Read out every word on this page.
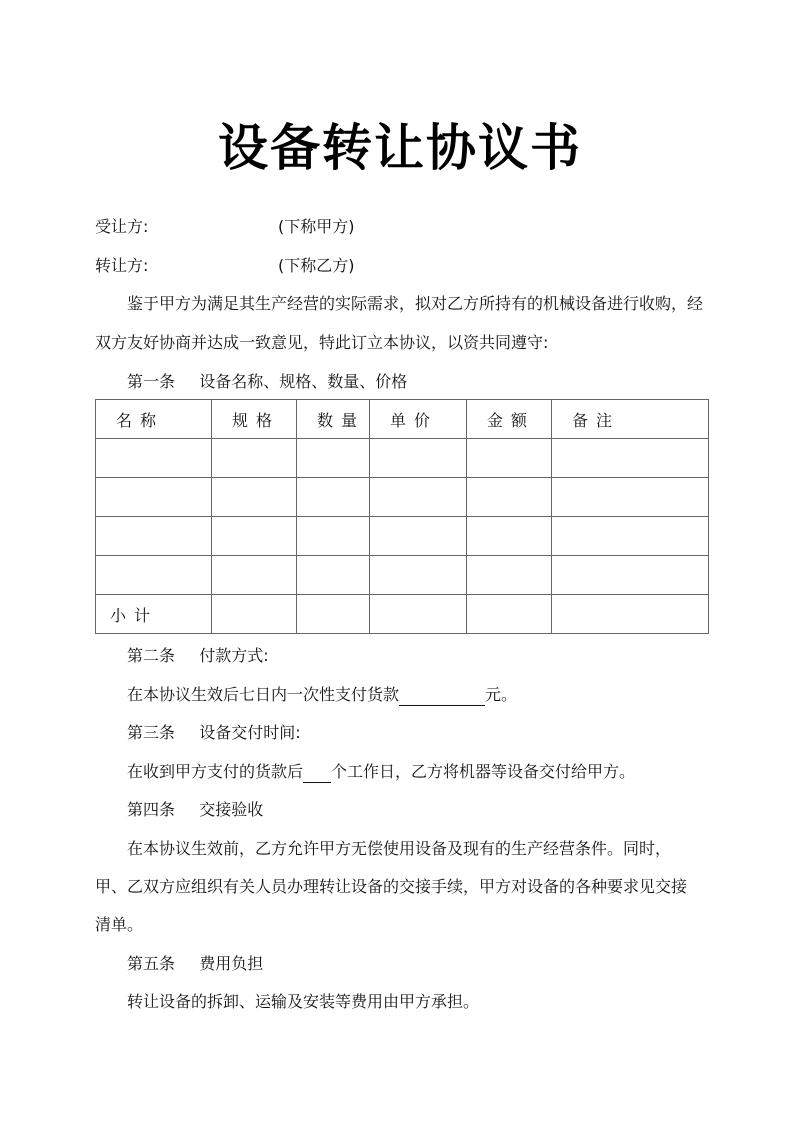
设备转让协议书
受让方:	(下称甲方)
转让方:	(下称乙方)
鉴于甲方为满足其生产经营的实际需求，拟对乙方所持有的机械设备进行收购，经
双方友好协商并达成一致意见，特此订立本协议，以资共同遵守:
第一条 设备名称、规格、数量、价格
名称	规格	数量	单价	金额	备注

小计					
第二条 付款方式:
在本协议生效后七日内一次性支付货款	元。
第三条 设备交付时间:
在收到甲方支付的货款后 个工作日，乙方将机器等设备交付给甲方。
第四条 交接验收
在本协议生效前，乙方允许甲方无偿使用设备及现有的生产经营条件。同时，
甲、乙双方应组织有关人员办理转让设备的交接手续，甲方对设备的各种要求见交接
清单。
第五条 费用负担
转让设备的拆卸、运输及安装等费用由甲方承担。
